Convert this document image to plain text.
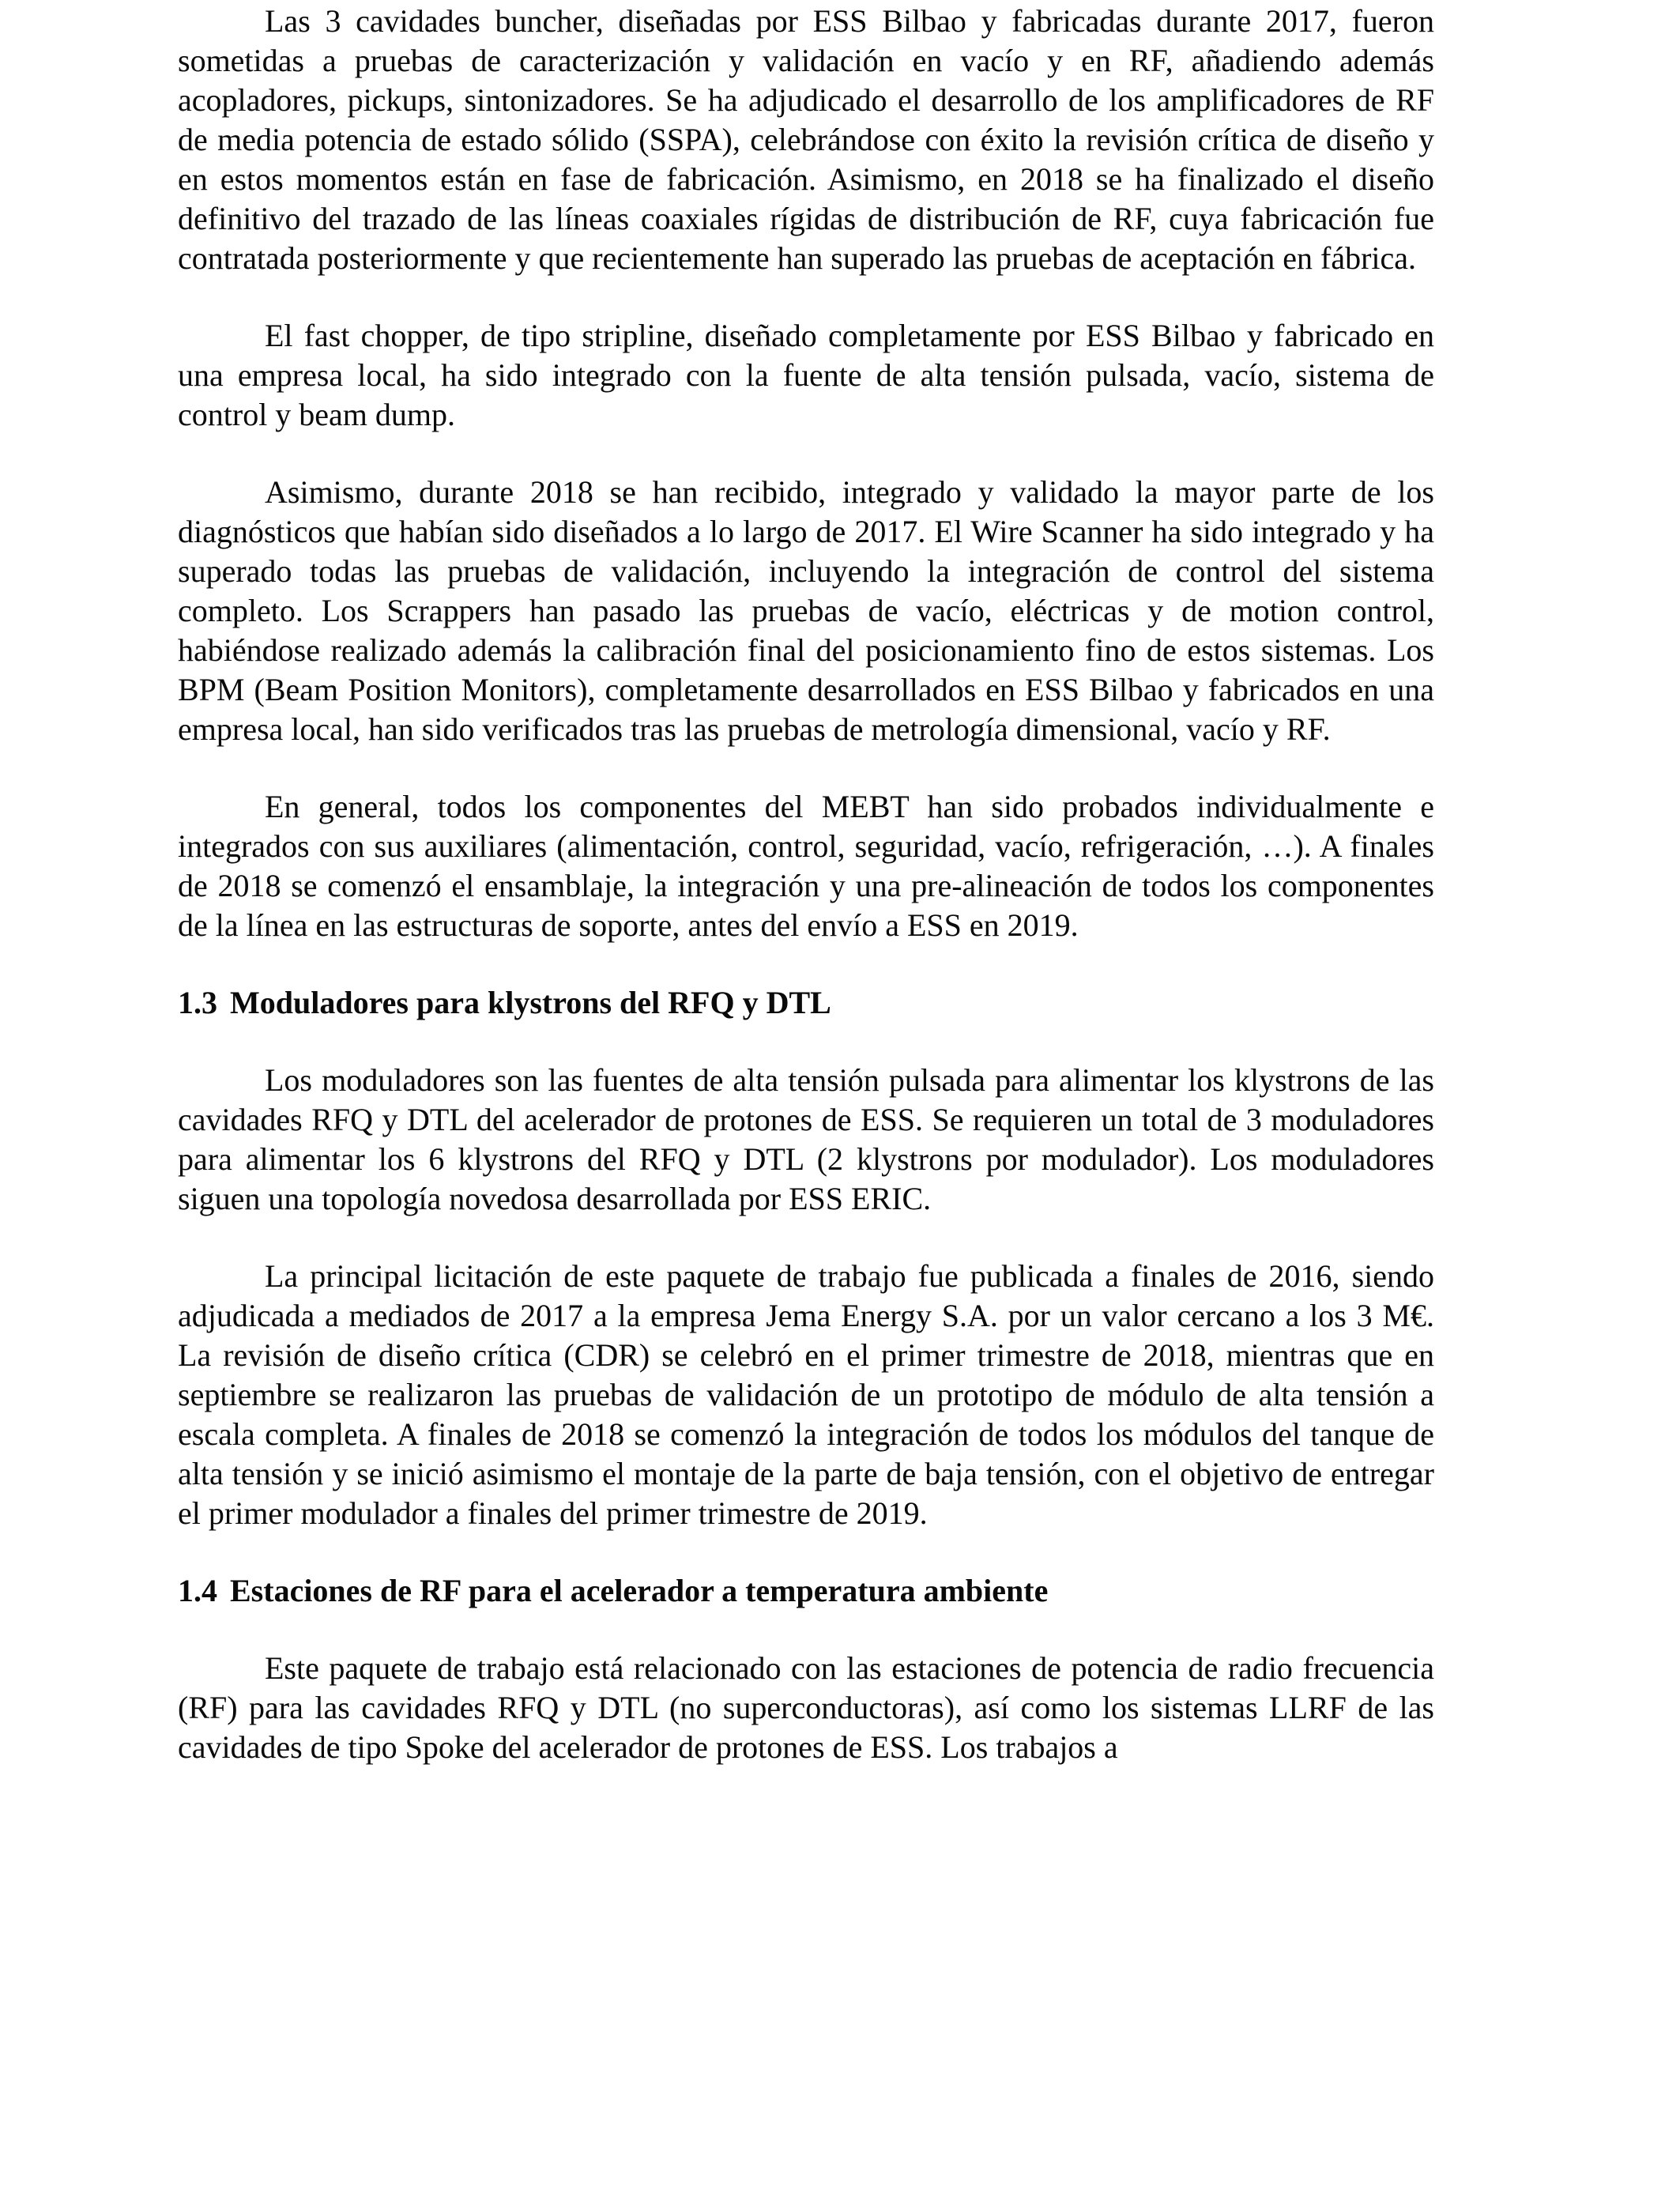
Las 3 cavidades buncher, diseñadas por ESS Bilbao y fabricadas durante 2017, fueron sometidas a pruebas de caracterización y validación en vacío y en RF, añadiendo además acopladores, pickups, sintonizadores. Se ha adjudicado el desarrollo de los amplificadores de RF de media potencia de estado sólido (SSPA), celebrándose con éxito la revisión crítica de diseño y en estos momentos están en fase de fabricación. Asimismo, en 2018 se ha finalizado el diseño definitivo del trazado de las líneas coaxiales rígidas de distribución de RF, cuya fabricación fue contratada posteriormente y que recientemente han superado las pruebas de aceptación en fábrica.

El fast chopper, de tipo stripline, diseñado completamente por ESS Bilbao y fabricado en una empresa local, ha sido integrado con la fuente de alta tensión pulsada, vacío, sistema de control y beam dump.

Asimismo, durante 2018 se han recibido, integrado y validado la mayor parte de los diagnósticos que habían sido diseñados a lo largo de 2017. El Wire Scanner ha sido integrado y ha superado todas las pruebas de validación, incluyendo la integración de control del sistema completo. Los Scrappers han pasado las pruebas de vacío, eléctricas y de motion control, habiéndose realizado además la calibración final del posicionamiento fino de estos sistemas. Los BPM (Beam Position Monitors), completamente desarrollados en ESS Bilbao y fabricados en una empresa local, han sido verificados tras las pruebas de metrología dimensional, vacío y RF.

En general, todos los componentes del MEBT han sido probados individualmente e integrados con sus auxiliares (alimentación, control, seguridad, vacío, refrigeración, …). A finales de 2018 se comenzó el ensamblaje, la integración y una pre-alineación de todos los componentes de la línea en las estructuras de soporte, antes del envío a ESS en 2019.

1.3 Moduladores para klystrons del RFQ y DTL

Los moduladores son las fuentes de alta tensión pulsada para alimentar los klystrons de las cavidades RFQ y DTL del acelerador de protones de ESS. Se requieren un total de 3 moduladores para alimentar los 6 klystrons del RFQ y DTL (2 klystrons por modulador). Los moduladores siguen una topología novedosa desarrollada por ESS ERIC.

La principal licitación de este paquete de trabajo fue publicada a finales de 2016, siendo adjudicada a mediados de 2017 a la empresa Jema Energy S.A. por un valor cercano a los 3 M€. La revisión de diseño crítica (CDR) se celebró en el primer trimestre de 2018, mientras que en septiembre se realizaron las pruebas de validación de un prototipo de módulo de alta tensión a escala completa. A finales de 2018 se comenzó la integración de todos los módulos del tanque de alta tensión y se inició asimismo el montaje de la parte de baja tensión, con el objetivo de entregar el primer modulador a finales del primer trimestre de 2019.

1.4 Estaciones de RF para el acelerador a temperatura ambiente

Este paquete de trabajo está relacionado con las estaciones de potencia de radio frecuencia (RF) para las cavidades RFQ y DTL (no superconductoras), así como los sistemas LLRF de las cavidades de tipo Spoke del acelerador de protones de ESS. Los trabajos a
